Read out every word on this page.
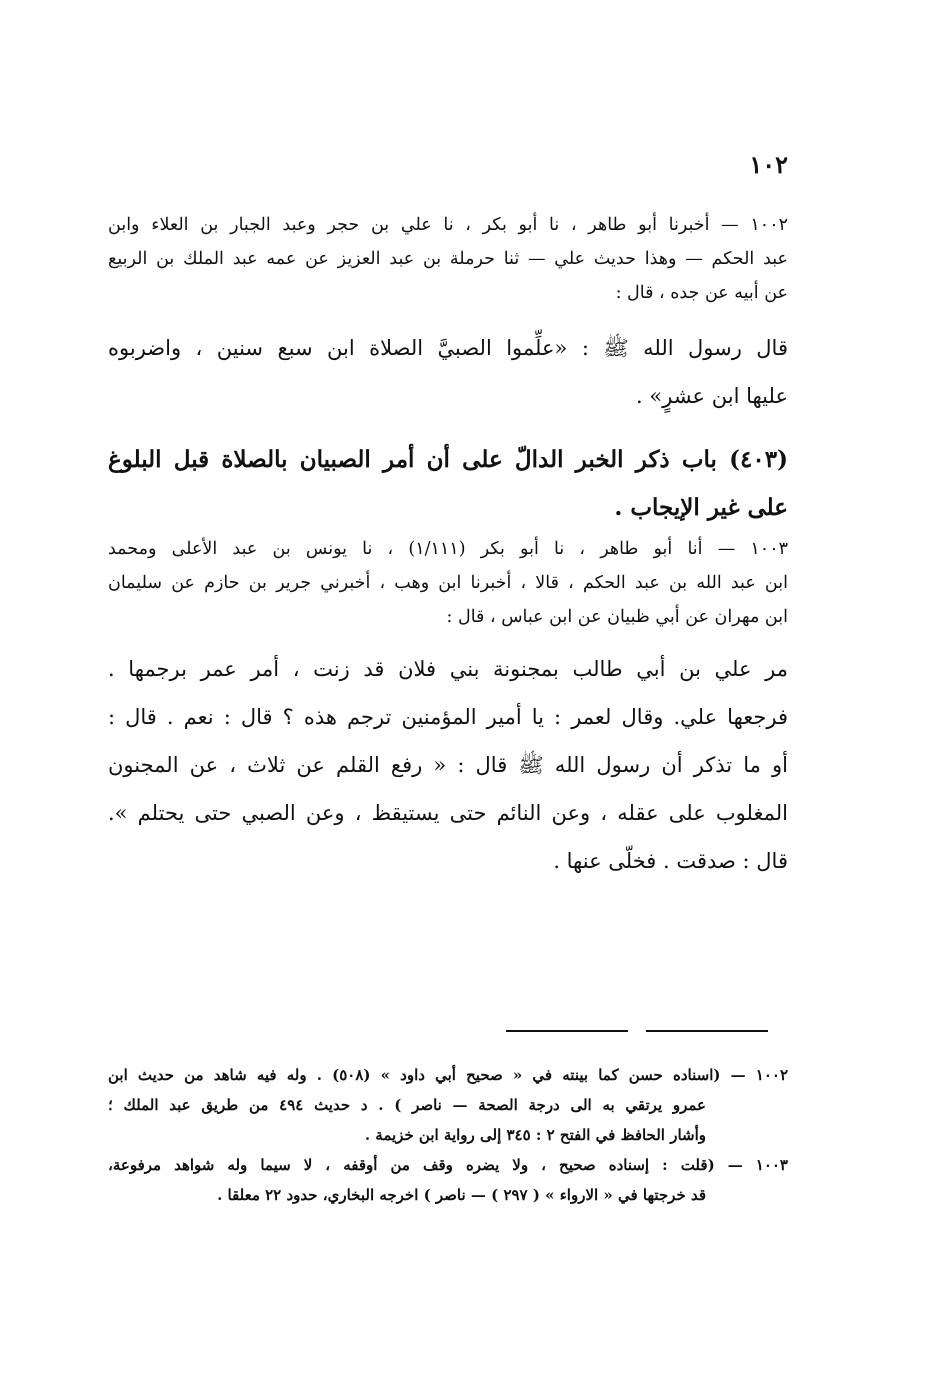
١٠٢
١٠٠٢ — أخبرنا أبو طاهر ، نا أبو بكر ، نا علي بن حجر وعبد الجبار بن العلاء وابن
عبد الحكم — وهذا حديث علي — ثنا حرملة بن عبد العزيز عن عمه عبد الملك بن الربيع
عن أبيه عن جده ، قال :
قال رسول الله ﷺ : «علِّموا الصبيَّ الصلاة ابن سبع سنين ، واضربوه
عليها ابن عشرٍ» .
(٤٠٣) باب ذكر الخبر الدالّ على أن أمر الصبيان بالصلاة قبل البلوغ
على غير الإيجاب .
١٠٠٣ — أنا أبو طاهر ، نا أبو بكر (١/١١١) ، نا يونس بن عبد الأعلى ومحمد
ابن عبد الله بن عبد الحكم ، قالا ، أخبرنا ابن وهب ، أخبرني جرير بن حازم عن سليمان
ابن مهران عن أبي ظبيان عن ابن عباس ، قال :
مر علي بن أبي طالب بمجنونة بني فلان قد زنت ، أمر عمر برجمها .
فرجعها علي. وقال لعمر : يا أمير المؤمنين ترجم هذه ؟ قال : نعم . قال :
أو ما تذكر أن رسول الله ﷺ قال : « رفع القلم عن ثلاث ، عن المجنون
المغلوب على عقله ، وعن النائم حتى يستيقظ ، وعن الصبي حتى يحتلم ».
قال : صدقت . فخلّى عنها .
١٠٠٢ — (اسناده حسن كما بينته في « صحيح أبي داود » (٥٠٨) . وله فيه شاهد من حديث ابن
عمرو يرتقي به الى درجة الصحة — ناصر ) . د حديث ٤٩٤ من طريق عبد الملك ؛
وأشار الحافظ في الفتح ٢ : ٣٤٥ إلى رواية ابن خزيمة .
١٠٠٣ — (قلت : إسناده صحيح ، ولا يضره وقف من أوقفه ، لا سيما وله شواهد مرفوعة،
قد خرجتها في « الارواء » ( ٢٩٧ ) — ناصر ) اخرجه البخاري، حدود ٢٢ معلقا .
